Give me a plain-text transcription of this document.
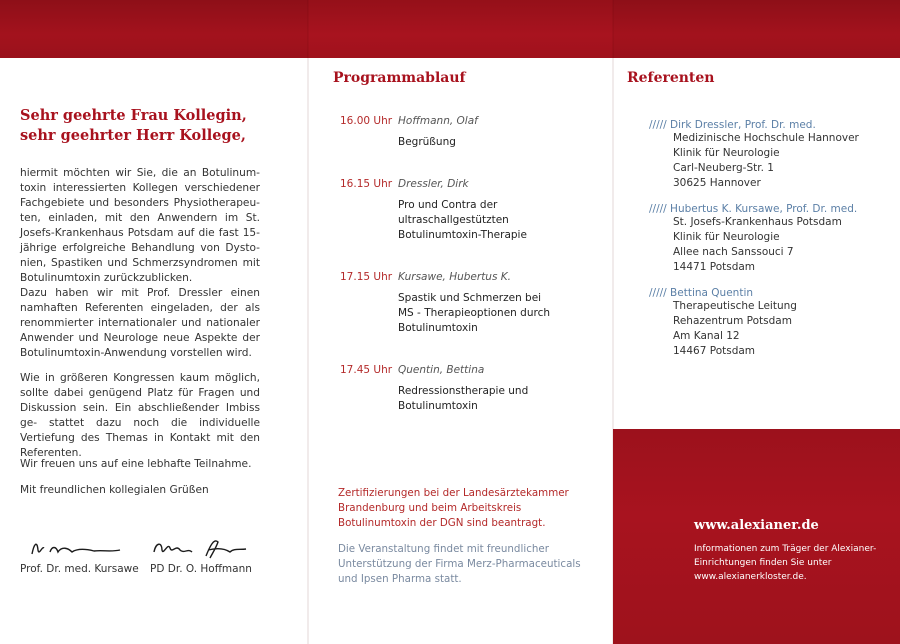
Sehr geehrte Frau Kollegin,
sehr geehrter Herr Kollege,

hiermit möchten wir Sie, die an Botulinum- toxin interessierten Kollegen verschiedener Fachgebiete und besonders Physiotherapeu- ten, einladen, mit den Anwendern im St. Josefs-Krankenhaus Potsdam auf die fast 15- jährige erfolgreiche Behandlung von Dysto- nien, Spastiken und Schmerzsyndromen mit Botulinumtoxin zurückzublicken.

Dazu haben wir mit Prof. Dressler einen namhaften Referenten eingeladen, der als renommierter internationaler und nationaler Anwender und Neurologe neue Aspekte der Botulinumtoxin-Anwendung vorstellen wird.

Wie in größeren Kongressen kaum möglich, sollte dabei genügend Platz für Fragen und Diskussion sein. Ein abschließender Imbiss ge- stattet dazu noch die individuelle Vertiefung des Themas in Kontakt mit den Referenten.

Wir freuen uns auf eine lebhafte Teilnahme.

Mit freundlichen kollegialen Grüßen

Prof. Dr. med. Kursawe PD Dr. O. Hoffmann
Programmablauf
16.00 Uhr Hoffmann, Olaf
Begrüßung
16.15 Uhr Dressler, Dirk
Pro und Contra der ultraschallgestützten Botulinumtoxin-Therapie
17.15 Uhr Kursawe, Hubertus K.
Spastik und Schmerzen bei MS - Therapieoptionen durch Botulinumtoxin
17.45 Uhr Quentin, Bettina
Redressionstherapie und Botulinumtoxin
Zertifizierungen bei der Landesärztekammer Brandenburg und beim Arbeitskreis Botulinumtoxin der DGN sind beantragt.
Die Veranstaltung findet mit freundlicher Unterstützung der Firma Merz-Pharmaceuticals und Ipsen Pharma statt.
Referenten
///// Dirk Dressler, Prof. Dr. med.
Medizinische Hochschule Hannover
Klinik für Neurologie
Carl-Neuberg-Str. 1
30625 Hannover
///// Hubertus K. Kursawe, Prof. Dr. med.
St. Josefs-Krankenhaus Potsdam
Klinik für Neurologie
Allee nach Sanssouci 7
14471 Potsdam
///// Bettina Quentin
Therapeutische Leitung
Rehazentrum Potsdam
Am Kanal 12
14467 Potsdam
www.alexianer.de
Informationen zum Träger der Alexianer-Einrichtungen finden Sie unter www.alexianerkloster.de.
